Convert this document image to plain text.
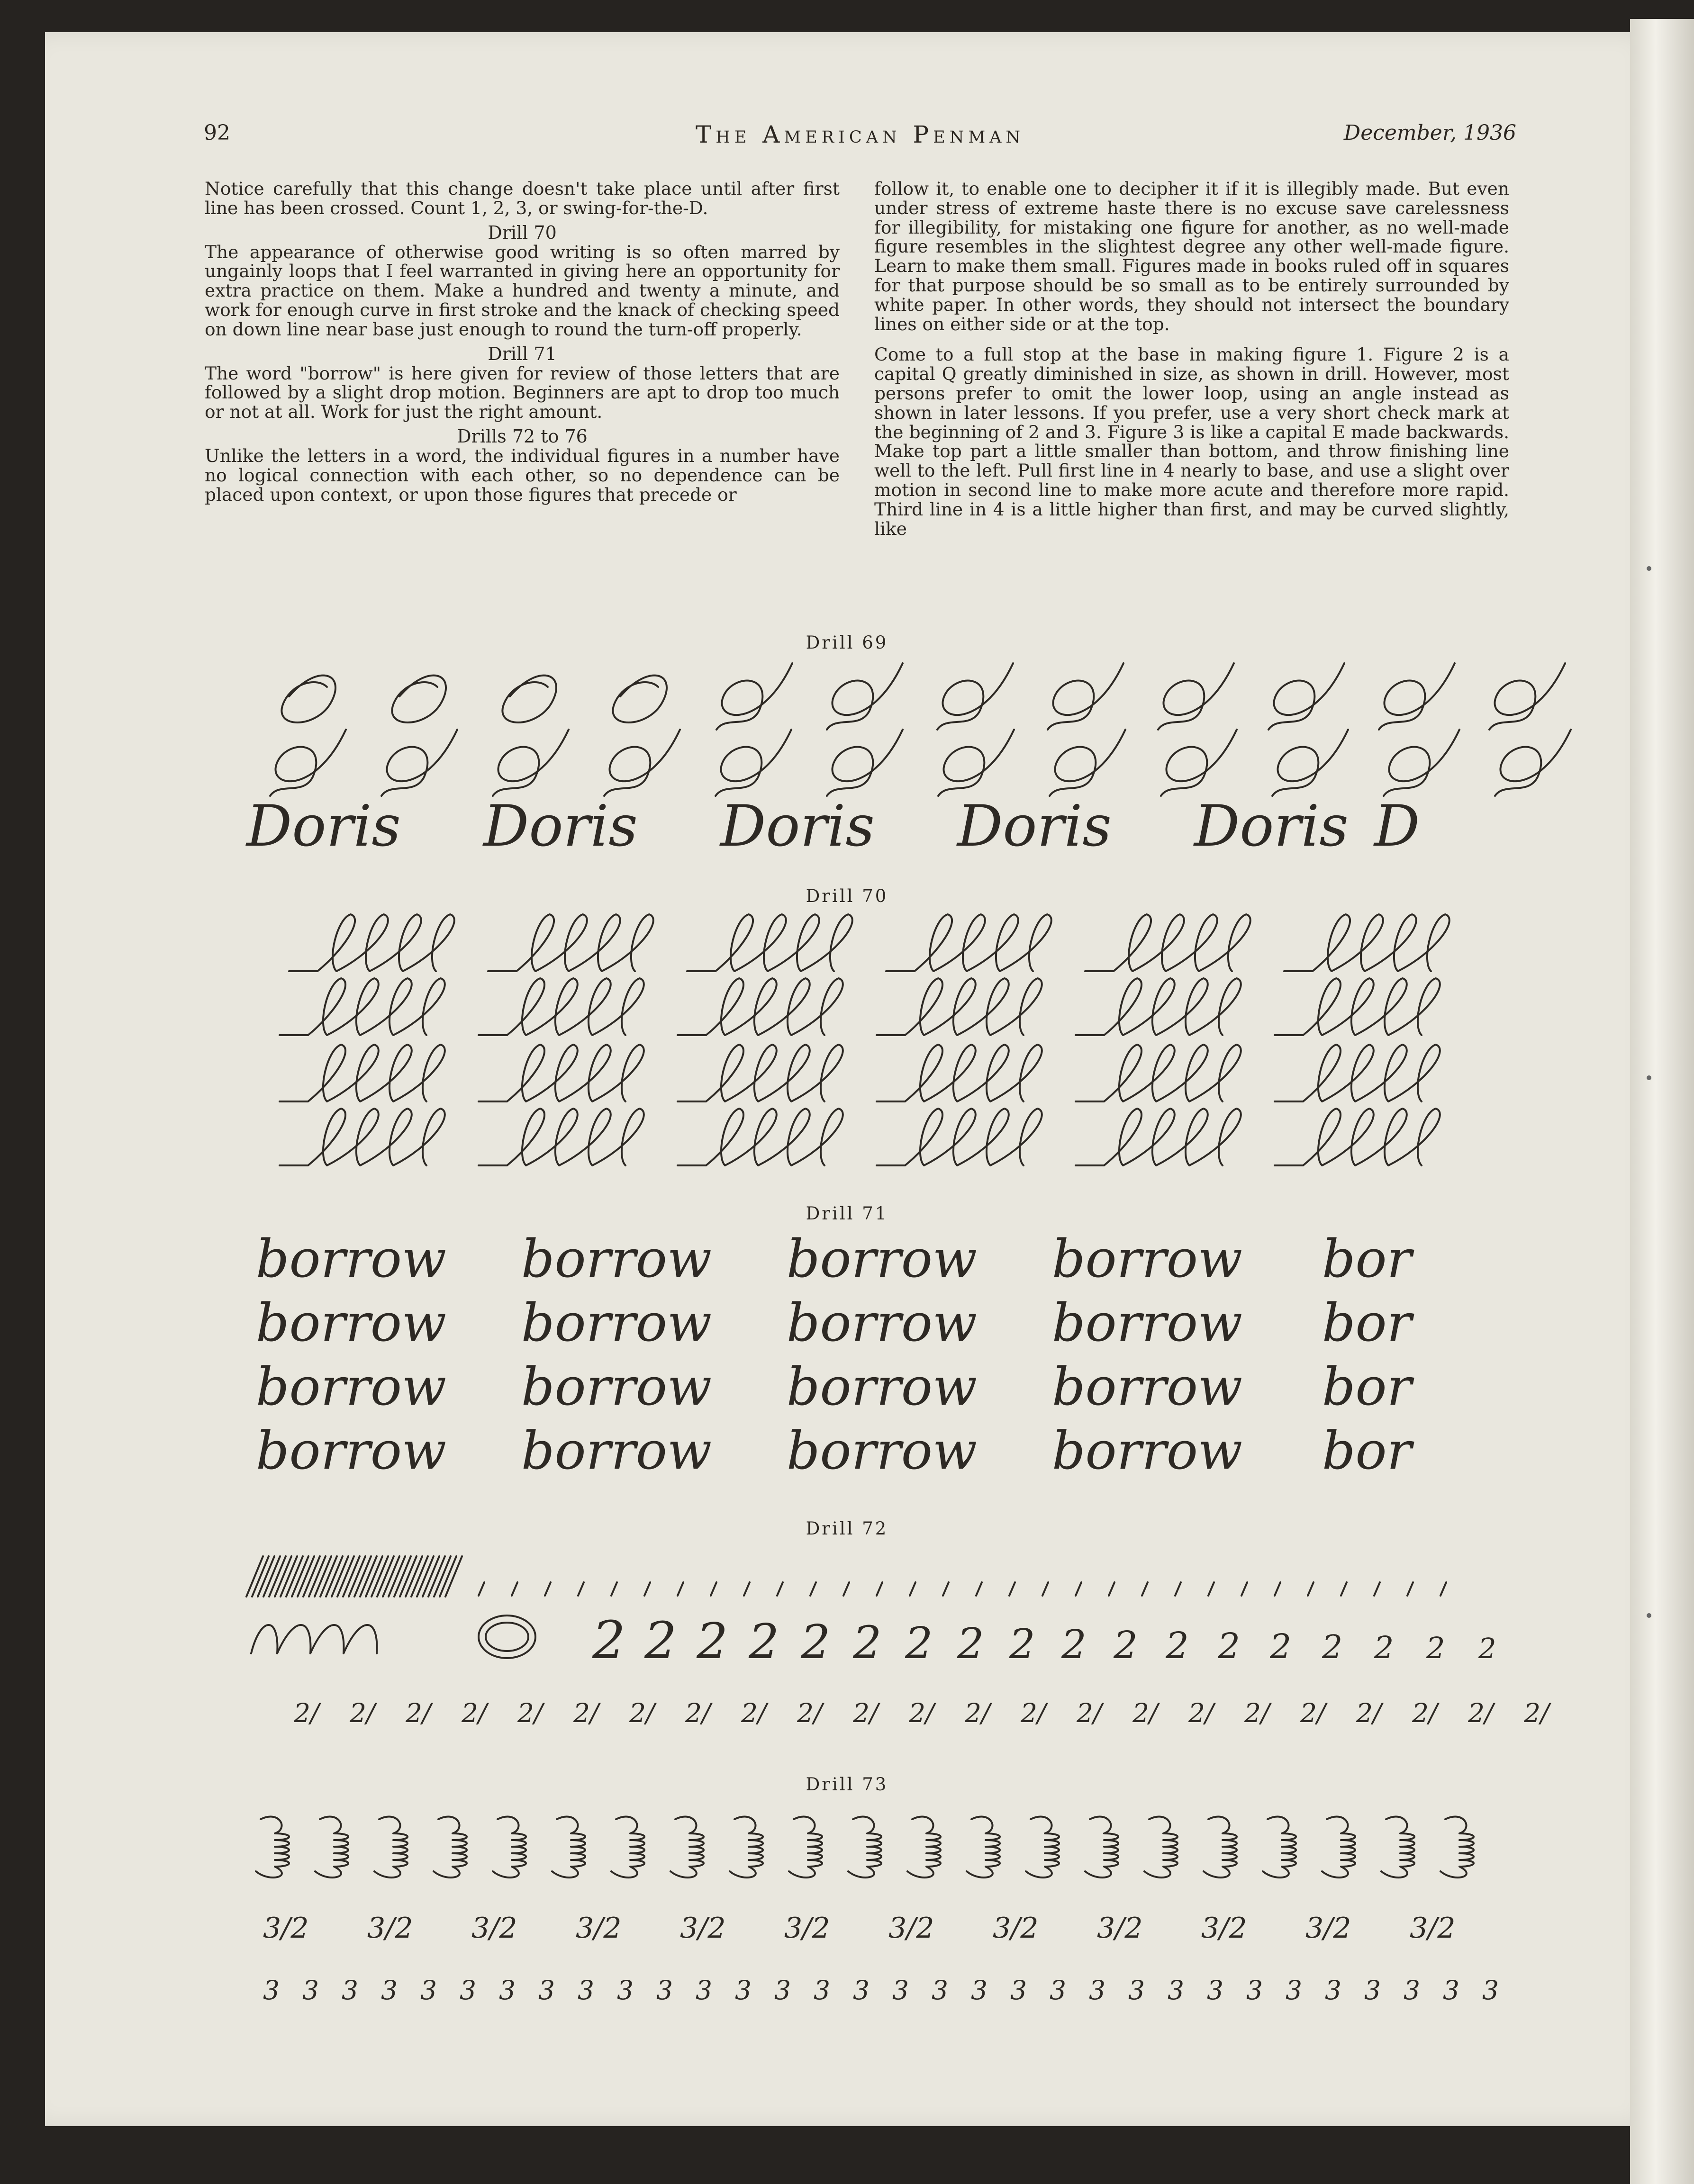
92	The American Penman	December, 1936

Notice carefully that this change doesn't take place until after first line has been crossed. Count 1, 2, 3, or swing-for-the-D.

Drill 70

The appearance of otherwise good writing is so often marred by ungainly loops that I feel warranted in giving here an opportunity for extra practice on them. Make a hundred and twenty a minute, and work for enough curve in first stroke and the knack of checking speed on down line near base just enough to round the turn-off properly.

Drill 71

The word "borrow" is here given for review of those letters that are followed by a slight drop motion. Beginners are apt to drop too much or not at all. Work for just the right amount.

Drills 72 to 76

Unlike the letters in a word, the individual figures in a number have no logical connection with each other, so no dependence can be placed upon context, or upon those figures that precede or

follow it, to enable one to decipher it if it is illegibly made. But even under stress of extreme haste there is no excuse save carelessness for illegibility, for mistaking one figure for another, as no well-made figure resembles in the slightest degree any other well-made figure. Learn to make them small. Figures made in books ruled off in squares for that purpose should be so small as to be entirely surrounded by white paper. In other words, they should not intersect the boundary lines on either side or at the top.

Come to a full stop at the base in making figure 1. Figure 2 is a capital Q greatly diminished in size, as shown in drill. However, most persons prefer to omit the lower loop, using an angle instead as shown in later lessons. If you prefer, use a very short check mark at the beginning of 2 and 3. Figure 3 is like a capital E made backwards. Make top part a little smaller than bottom, and throw finishing line well to the left. Pull first line in 4 nearly to base, and use a slight over motion in second line to make more acute and therefore more rapid. Third line in 4 is a little higher than first, and may be curved slightly, like

Drill 69
Doris Doris Doris Doris Doris D
Drill 70
Drill 71
borrow borrow borrow borrow bor
borrow borrow borrow borrow bor
borrow borrow borrow borrow bor
borrow borrow borrow borrow bor
Drill 72
2 2 2 2 2 2 2 2 2 2 2 2 2 2 2 2 2 2
2/ 2/ 2/ 2/ 2/ 2/ 2/ 2/ 2/ 2/ 2/ 2/ 2/ 2/ 2/ 2/ 2/ 2/ 2/ 2/ 2/ 2/ 2/
Drill 73
3/2 3/2 3/2 3/2 3/2 3/2 3/2 3/2 3/2 3/2 3/2 3/2
3 3 3 3 3 3 3 3 3 3 3 3 3 3 3 3 3 3 3 3 3 3 3 3 3 3 3 3 3 3 3 3
